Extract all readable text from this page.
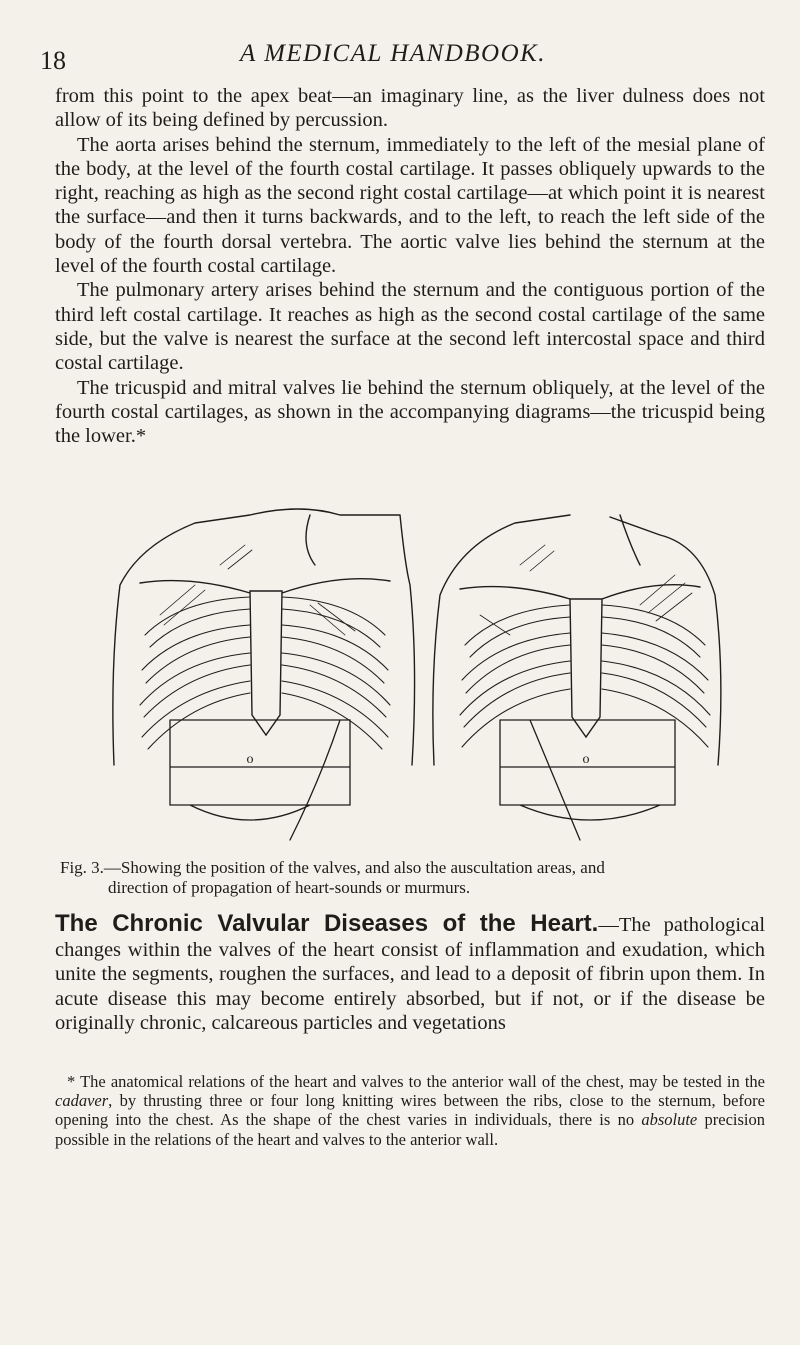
18	A MEDICAL HANDBOOK.

from this point to the apex beat—an imaginary line, as the liver dulness does not allow of its being defined by percussion.

The aorta arises behind the sternum, immediately to the left of the mesial plane of the body, at the level of the fourth costal cartilage. It passes obliquely upwards to the right, reaching as high as the second right costal cartilage—at which point it is nearest the surface—and then it turns backwards, and to the left, to reach the left side of the body of the fourth dorsal vertebra. The aortic valve lies behind the sternum at the level of the fourth costal cartilage.

The pulmonary artery arises behind the sternum and the contiguous portion of the third left costal cartilage. It reaches as high as the second costal cartilage of the same side, but the valve is nearest the surface at the second left intercostal space and third costal cartilage.

The tricuspid and mitral valves lie behind the sternum obliquely, at the level of the fourth costal cartilages, as shown in the accompanying diagrams—the tricuspid being the lower.*

o	o
Fig. 3.—Showing the position of the valves, and also the auscultation areas, and
direction of propagation of heart-sounds or murmurs.
The Chronic Valvular Diseases of the Heart.—The pathological changes within the valves of the heart consist of inflammation and exudation, which unite the segments, roughen the surfaces, and lead to a deposit of fibrin upon them. In acute disease this may become entirely absorbed, but if not, or if the disease be originally chronic, calcareous particles and vegetations

* The anatomical relations of the heart and valves to the anterior wall of the chest, may be tested in the cadaver, by thrusting three or four long knitting wires between the ribs, close to the sternum, before opening into the chest. As the shape of the chest varies in individuals, there is no absolute precision possible in the relations of the heart and valves to the anterior wall.
